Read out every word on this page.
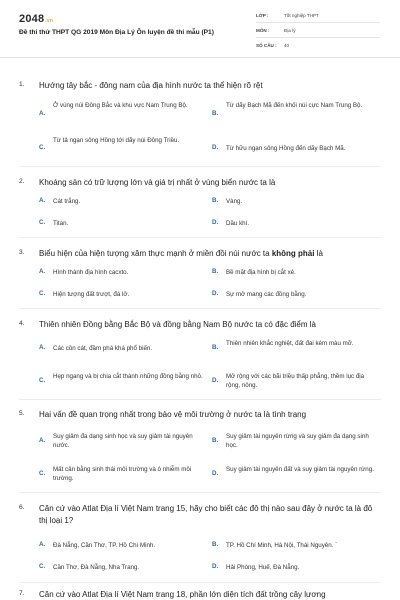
2048.vn
Đề thi thử THPT QG 2019 Môn Địa Lý Ôn luyện đề thi mẫu (P1)
LỚP :	Tốt nghiệp THPT
MÔN :	Địa lý
SỐ CÂU : 40
1. Hướng tây bắc - đông nam của địa hình nước ta thể hiện rõ rệt
A.
Ở vùng núi Đông Bắc và khu vực Nam Trung Bộ.
B.
Từ dãy Bạch Mã đến khối núi cực Nam Trung Bộ.
C.
Từ tả ngạn sông Hồng tới dãy núi Đông Triều.
D. Từ hữu ngạn sông Hồng đến dãy Bạch Mã.
2. Khoáng sản có trữ lượng lớn và giá trị nhất ở vùng biển nước ta là
A. Cát trắng.	B. Vàng.
C. Titan.	D. Dầu khí.
3. Biểu hiện của hiện tượng xâm thực mạnh ở miền đồi núi nước ta không phải là
A. Hình thành địa hình cacxto.	B. Bề mặt địa hình bị cắt xẻ.
C. Hiện tượng đất trượt, đá lở.	D. Sự mở mang các đồng bằng.
4. Thiên nhiên Đồng bằng Bắc Bộ và đồng bằng Nam Bộ nước ta có đặc điểm là
A. Các cồn cát, đầm phá khá phổ biến.	B.
Thiên nhiên khắc nghiệt, đất đai kém màu mỡ.
C.
Hẹp ngang và bị chia cắt thành những đồng bằng nhỏ.
D.
Mở rộng với các bãi triều thấp phẳng, thềm lục địa rộng, nông.
5. Hai vấn đề quan trọng nhất trong bảo vệ môi trường ở nước ta là tình trạng
A.
Suy giảm đa dạng sinh học và suy giảm tài nguyên nước.
B.
Suy giảm tài nguyên rừng và suy giảm đa dạng sinh học.
C.
Mất cân bằng sinh thái môi trường và ô nhiễm môi trường.
D.
Suy giảm tài nguyên đất và suy giảm tài nguyên rừng.
6. Căn cứ vào Atlat Địa lí Việt Nam trang 15, hãy cho biết các đô thị nào sau đây ở nước ta là đô thị loại 1?
A. Đà Nẵng, Cần Thơ, TP. Hồ Chí Minh.	B. TP. Hồ Chí Minh, Hà Nội, Thái Nguyên. `
C. Cần Thơ, Đà Nẵng, Nha Trang.	D. Hải Phòng, Huế, Đà Nẵng.
7. Căn cứ vào Atlat Địa lí Việt Nam trang 18, phần lớn diện tích đất trồng cây lương
